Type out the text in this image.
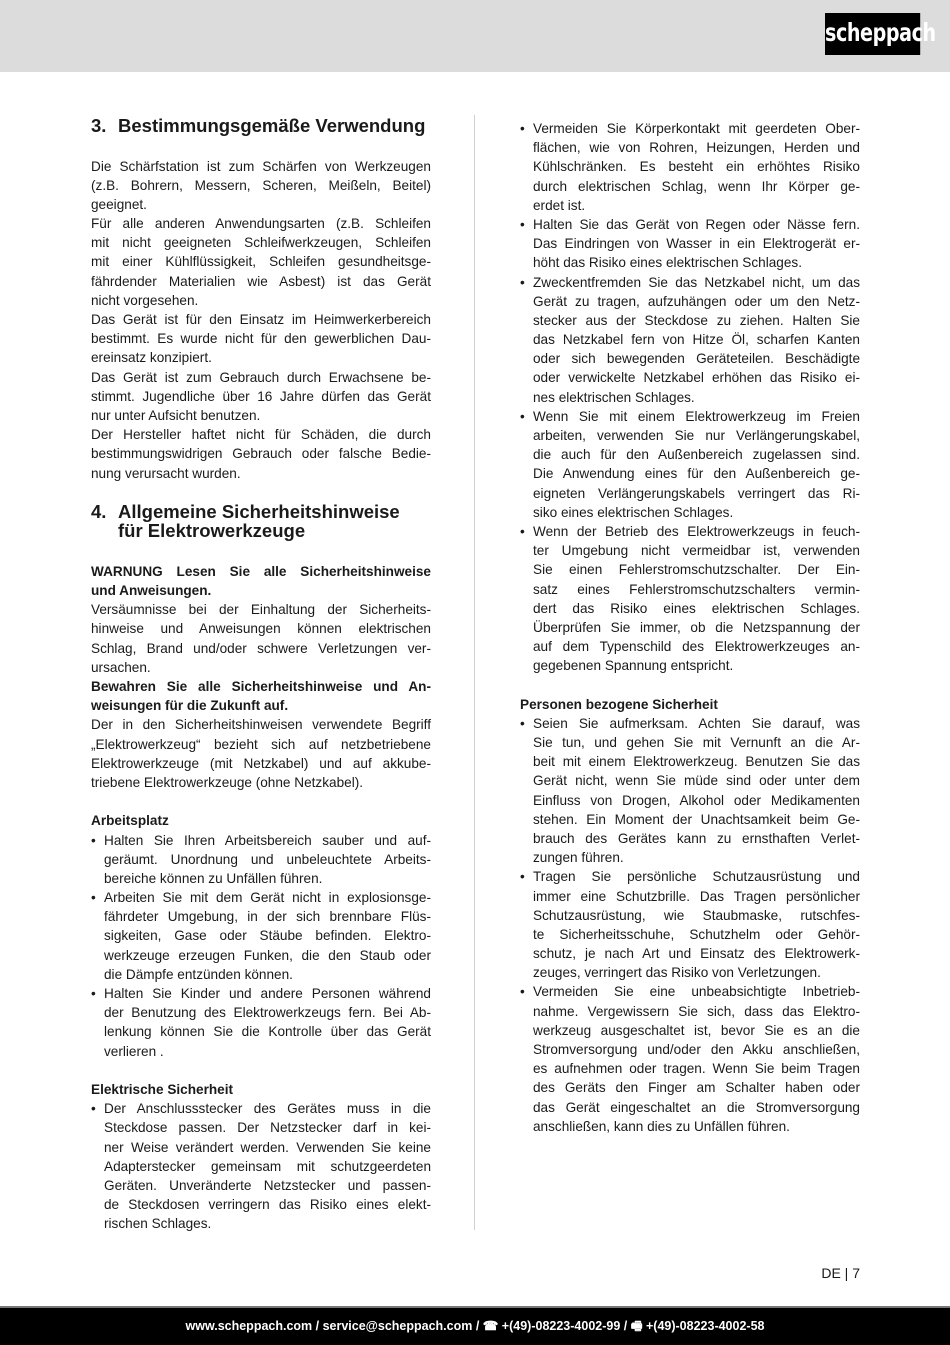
scheppach
3. Bestimmungsgemäße Verwendung
Die Schärfstation ist zum Schärfen von Werkzeugen
(z.B. Bohrern, Messern, Scheren, Meißeln, Beitel)
geeignet.
Für alle anderen Anwendungsarten (z.B. Schleifen
mit nicht geeigneten Schleifwerkzeugen, Schleifen
mit einer Kühlflüssigkeit, Schleifen gesundheitsge-
fährdender Materialien wie Asbest) ist das Gerät
nicht vorgesehen.
Das Gerät ist für den Einsatz im Heimwerkerbereich
bestimmt. Es wurde nicht für den gewerblichen Dau-
ereinsatz konzipiert.
Das Gerät ist zum Gebrauch durch Erwachsene be-
stimmt. Jugendliche über 16 Jahre dürfen das Gerät
nur unter Aufsicht benutzen.
Der Hersteller haftet nicht für Schäden, die durch
bestimmungswidrigen Gebrauch oder falsche Bedie-
nung verursacht wurden.
4. Allgemeine Sicherheitshinweise
für Elektrowerkzeuge
WARNUNG Lesen Sie alle Sicherheitshinweise
und Anweisungen.
Versäumnisse bei der Einhaltung der Sicherheits-
hinweise und Anweisungen können elektrischen
Schlag, Brand und/oder schwere Verletzungen ver-
ursachen.
Bewahren Sie alle Sicherheitshinweise und An-
weisungen für die Zukunft auf.
Der in den Sicherheitshinweisen verwendete Begriff
„Elektrowerkzeug“ bezieht sich auf netzbetriebene
Elektrowerkzeuge (mit Netzkabel) und auf akkube-
triebene Elektrowerkzeuge (ohne Netzkabel).
Arbeitsplatz
• Halten Sie Ihren Arbeitsbereich sauber und auf-
geräumt. Unordnung und unbeleuchtete Arbeits-
bereiche können zu Unfällen führen.
• Arbeiten Sie mit dem Gerät nicht in explosionsge-
fährdeter Umgebung, in der sich brennbare Flüs-
sigkeiten, Gase oder Stäube befinden. Elektro-
werkzeuge erzeugen Funken, die den Staub oder
die Dämpfe entzünden können.
• Halten Sie Kinder und andere Personen während
der Benutzung des Elektrowerkzeugs fern. Bei Ab-
lenkung können Sie die Kontrolle über das Gerät
verlieren .
Elektrische Sicherheit
• Der Anschlussstecker des Gerätes muss in die
Steckdose passen. Der Netzstecker darf in kei-
ner Weise verändert werden. Verwenden Sie keine
Adapterstecker gemeinsam mit schutzgeerdeten
Geräten. Unveränderte Netzstecker und passen-
de Steckdosen verringern das Risiko eines elekt-
rischen Schlages.
• Vermeiden Sie Körperkontakt mit geerdeten Ober-
flächen, wie von Rohren, Heizungen, Herden und
Kühlschränken. Es besteht ein erhöhtes Risiko
durch elektrischen Schlag, wenn Ihr Körper ge-
erdet ist.
• Halten Sie das Gerät von Regen oder Nässe fern.
Das Eindringen von Wasser in ein Elektrogerät er-
höht das Risiko eines elektrischen Schlages.
• Zweckentfremden Sie das Netzkabel nicht, um das
Gerät zu tragen, aufzuhängen oder um den Netz-
stecker aus der Steckdose zu ziehen. Halten Sie
das Netzkabel fern von Hitze Öl, scharfen Kanten
oder sich bewegenden Geräteteilen. Beschädigte
oder verwickelte Netzkabel erhöhen das Risiko ei-
nes elektrischen Schlages.
• Wenn Sie mit einem Elektrowerkzeug im Freien
arbeiten, verwenden Sie nur Verlängerungskabel,
die auch für den Außenbereich zugelassen sind.
Die Anwendung eines für den Außenbereich ge-
eigneten Verlängerungskabels verringert das Ri-
siko eines elektrischen Schlages.
• Wenn der Betrieb des Elektrowerkzeugs in feuch-
ter Umgebung nicht vermeidbar ist, verwenden
Sie einen Fehlerstromschutzschalter. Der Ein-
satz eines Fehlerstromschutzschalters vermin-
dert das Risiko eines elektrischen Schlages.
Überprüfen Sie immer, ob die Netzspannung der
auf dem Typenschild des Elektrowerkzeuges an-
gegebenen Spannung entspricht.
Personen bezogene Sicherheit
• Seien Sie aufmerksam. Achten Sie darauf, was
Sie tun, und gehen Sie mit Vernunft an die Ar-
beit mit einem Elektrowerkzeug. Benutzen Sie das
Gerät nicht, wenn Sie müde sind oder unter dem
Einfluss von Drogen, Alkohol oder Medikamenten
stehen. Ein Moment der Unachtsamkeit beim Ge-
brauch des Gerätes kann zu ernsthaften Verlet-
zungen führen.
• Tragen Sie persönliche Schutzausrüstung und
immer eine Schutzbrille. Das Tragen persönlicher
Schutzausrüstung, wie Staubmaske, rutschfes-
te Sicherheitsschuhe, Schutzhelm oder Gehör-
schutz, je nach Art und Einsatz des Elektrowerk-
zeuges, verringert das Risiko von Verletzungen.
• Vermeiden Sie eine unbeabsichtigte Inbetrieb-
nahme. Vergewissern Sie sich, dass das Elektro-
werkzeug ausgeschaltet ist, bevor Sie es an die
Stromversorgung und/oder den Akku anschließen,
es aufnehmen oder tragen. Wenn Sie beim Tragen
des Geräts den Finger am Schalter haben oder
das Gerät eingeschaltet an die Stromversorgung
anschließen, kann dies zu Unfällen führen.
DE | 7
www.scheppach.com / service@scheppach.com / ☎ +(49)-08223-4002-99 / 🖷 +(49)-08223-4002-58
